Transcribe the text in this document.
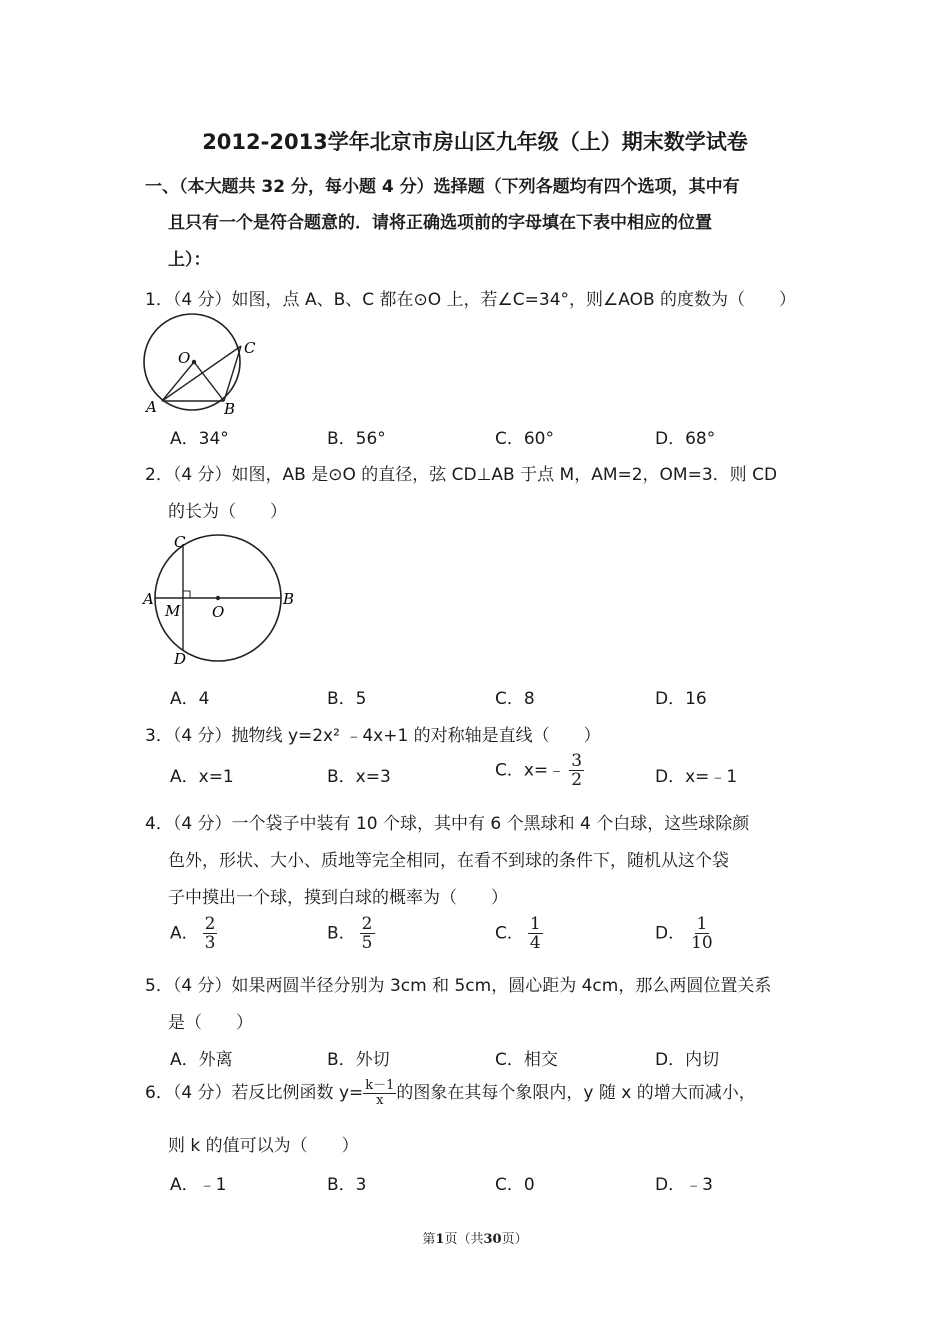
2012-2013学年北京市房山区九年级（上）期末数学试卷
一、（本大题共 32 分，每小题 4 分）选择题（下列各题均有四个选项，其中有
且只有一个是符合题意的．请将正确选项前的字母填在下表中相应的位置
上）：
1．（4 分）如图，点 A、B、C 都在⊙O 上，若∠C=34°，则∠AOB 的度数为（　　）
O
A	B
C
A．34°	B．56°	C．60°	D．68°
2．（4 分）如图，AB 是⊙O 的直径，弦 CD⊥AB 于点 M，AM=2，OM=3．则 CD
的长为（　　）
A	B
C
D
M O
A．4	B．5	C．8	D．16
3．（4 分）抛物线 y=2x² ﹣4x+1 的对称轴是直线（　　）
A．x=1	B．x=3	C．x=﹣ $\frac{3}{2}$	D．x=﹣1
4．（4 分）一个袋子中装有 10 个球，其中有 6 个黑球和 4 个白球，这些球除颜
色外，形状、大小、质地等完全相同，在看不到球的条件下，随机从这个袋
子中摸出一个球，摸到白球的概率为（　　）
A． $\frac{2}{3}$	B． $\frac{2}{5}$	C． $\frac{1}{4}$	D． $\frac{1}{10}$
5．（4 分）如果两圆半径分别为 3cm 和 5cm，圆心距为 4cm，那么两圆位置关系
是（　　）
A．外离	B．外切	C．相交	D．内切
6．（4 分）若反比例函数 $y= \frac{k-1}{x}$ 的图象在其每个象限内，y 随 x 的增大而减小，
则 k 的值可以为（　　）
A．﹣1	B．3	C．0	D．﹣3
第1页（共30页）
